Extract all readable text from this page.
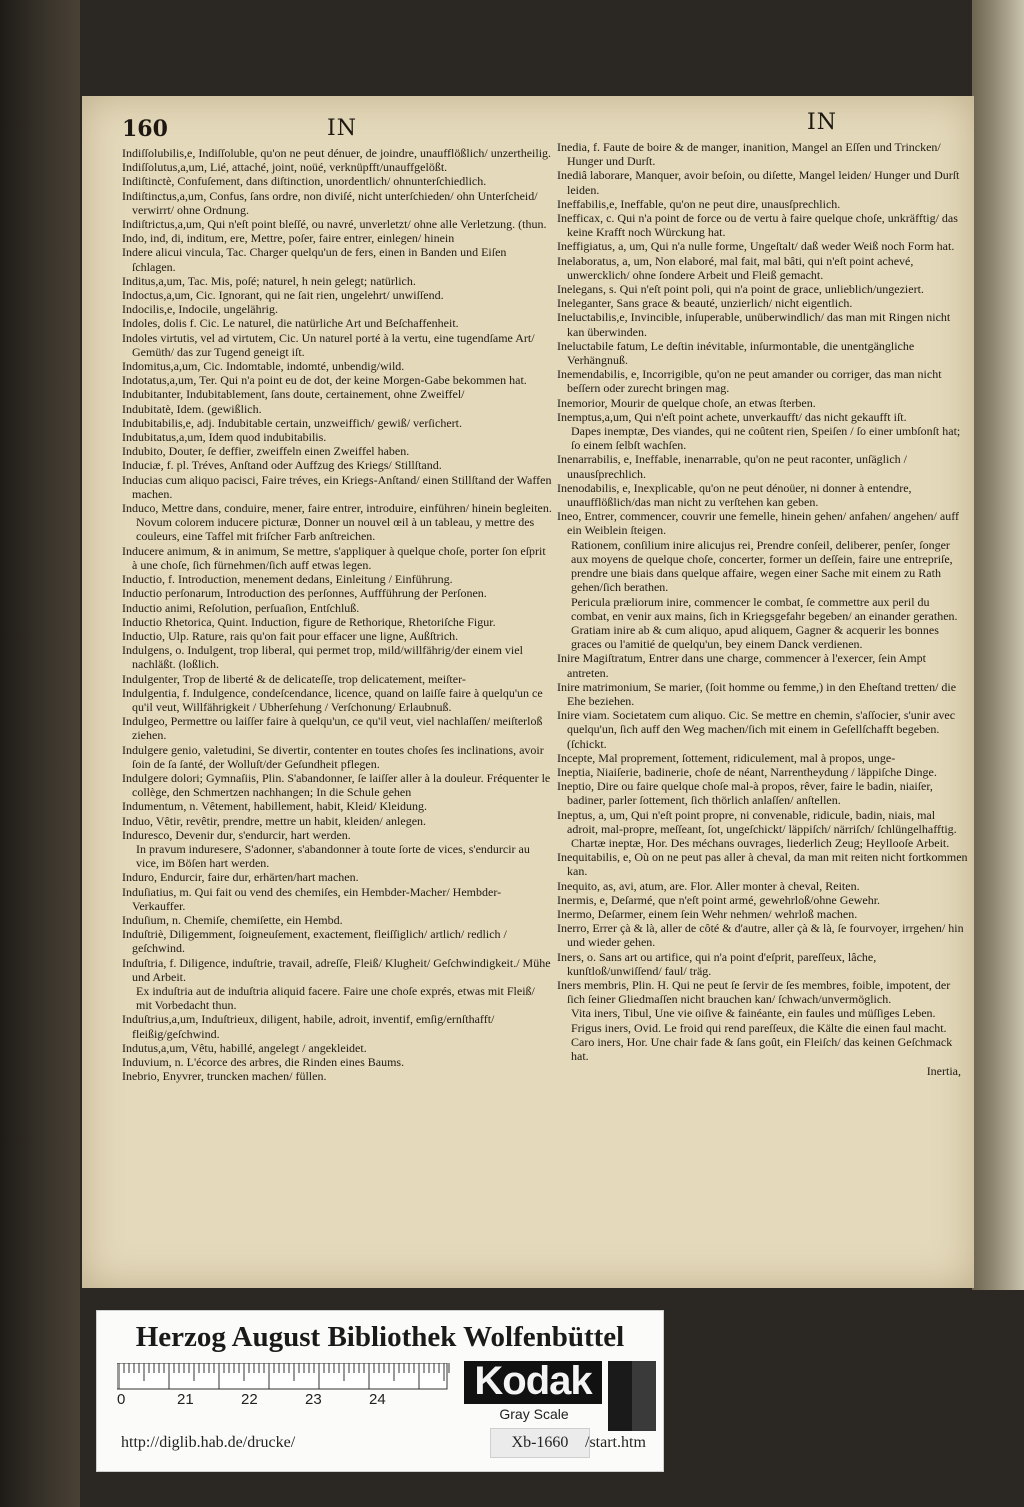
160	IN

Indiſſolubilis,e, Indiſſoluble, qu'on ne peut dénuer, de joindre, unaufflößlich/ unzertheilig.

Indiſſolutus,a,um, Lié, attaché, joint, noüé, verknüpfft/unauffgelößt.

Indiſtinctè, Confuſement, dans diſtinction, unordentlich/ ohnunterſchiedlich.

Indiſtinctus,a,um, Confus, ſans ordre, non diviſé, nicht unterſchieden/ ohn Unterſcheid/ verwirrt/ ohne Ordnung.

Indiſtrictus,a,um, Qui n'eſt point bleſſé, ou navré, unverletzt/ ohne alle Verletzung. (thun.

Indo, ind, di, inditum, ere, Mettre, poſer, faire entrer, einlegen/ hinein

Indere alicui vincula, Tac. Charger quelqu'un de fers, einen in Banden und Eiſen ſchlagen.

Inditus,a,um, Tac. Mis, poſé; naturel, h nein gelegt; natürlich.

Indoctus,a,um, Cic. Ignorant, qui ne ſait rien, ungelehrt/ unwiſſend.

Indocilis,e, Indocile, ungelährig.

Indoles, dolis f. Cic. Le naturel, die natürliche Art und Beſchaffenheit.

Indoles virtutis, vel ad virtutem, Cic. Un naturel porté à la vertu, eine tugendſame Art/ Gemüth/ das zur Tugend geneigt iſt.

Indomitus,a,um, Cic. Indomtable, indomté, unbendig/wild.

Indotatus,a,um, Ter. Qui n'a point eu de dot, der keine Morgen-Gabe bekommen hat.

Indubitanter, Indubitablement, ſans doute, certainement, ohne Zweiffel/

Indubitatè, Idem. (gewißlich.

Indubitabilis,e, adj. Indubitable certain, unzweiffich/ gewiß/ verſichert.

Indubitatus,a,um, Idem quod indubitabilis.

Indubito, Douter, ſe deffier, zweiffeln einen Zweiffel haben.

Induciæ, f. pl. Tréves, Anſtand oder Auffzug des Kriegs/ Stillſtand.

Inducias cum aliquo pacisci, Faire tréves, ein Kriegs-Anſtand/ einen Stillſtand der Waffen machen.

Induco, Mettre dans, conduire, mener, faire entrer, introduire, einführen/ hinein begleiten.

Novum colorem inducere picturæ, Donner un nouvel œil à un tableau, y mettre des couleurs, eine Taffel mit friſcher Farb anſtreichen.

Inducere animum, & in animum, Se mettre, s'appliquer à quelque choſe, porter ſon eſprit à une choſe, ſich fürnehmen/ſich auff etwas legen.

Inductio, f. Introduction, menement dedans, Einleitung / Einführung.

Inductio perſonarum, Introduction des perſonnes, Auffführung der Perſonen.

Inductio animi, Reſolution, perſuaſion, Entſchluß.

Inductio Rhetorica, Quint. Induction, figure de Rethorique, Rhetoriſche Figur.

Inductio, Ulp. Rature, rais qu'on fait pour effacer une ligne, Außſtrich.

Indulgens, o. Indulgent, trop liberal, qui permet trop, mild/willfährig/der einem viel nachläßt. (loßlich.

Indulgenter, Trop de liberté & de delicateſſe, trop delicatement, meiſter-

Indulgentia, f. Indulgence, condeſcendance, licence, quand on laiſſe faire à quelqu'un ce qu'il veut, Willfährigkeit / Ubherſehung / Verſchonung/ Erlaubnuß.

Indulgeo, Permettre ou laiſſer faire à quelqu'un, ce qu'il veut, viel nachlaſſen/ meiſterloß ziehen.

Indulgere genio, valetudini, Se divertir, contenter en toutes choſes ſes inclinations, avoir ſoin de ſa ſanté, der Wolluſt/der Geſundheit pflegen.

Indulgere dolori; Gymnaſiis, Plin. S'abandonner, ſe laiſſer aller à la douleur. Fréquenter le collège, den Schmertzen nachhangen; In die Schule gehen

Indumentum, n. Vêtement, habillement, habit, Kleid/ Kleidung.

Induo, Vêtir, revêtir, prendre, mettre un habit, kleiden/ anlegen.

Induresco, Devenir dur, s'endurcir, hart werden.

In pravum induresere, S'adonner, s'abandonner à toute ſorte de vices, s'endurcir au vice, im Böſen hart werden.

Induro, Endurcir, faire dur, erhärten/hart machen.

Induſiatius, m. Qui fait ou vend des chemiſes, ein Hembder-Macher/ Hembder-Verkauffer.

Induſium, n. Chemiſe, chemiſette, ein Hembd.

Induſtriè, Diligemment, ſoigneuſement, exactement, fleiſſiglich/ artlich/ redlich / geſchwind.

Induſtria, f. Diligence, induſtrie, travail, adreſſe, Fleiß/ Klugheit/ Geſchwindigkeit./ Mühe und Arbeit.

Ex induſtria aut de induſtria aliquid facere. Faire une choſe exprés, etwas mit Fleiß/ mit Vorbedacht thun.

Induſtrius,a,um, Induſtrieux, diligent, habile, adroit, inventif, emſig/ernſthafft/ fleißig/geſchwind.

Indutus,a,um, Vêtu, habillé, angelegt / angekleidet.

Induvium, n. L'écorce des arbres, die Rinden eines Baums.

Inebrio, Enyvrer, truncken machen/ füllen.

IN

Inedia, f. Faute de boire & de manger, inanition, Mangel an Eſſen und Trincken/ Hunger und Durſt.

Inediâ laborare, Manquer, avoir beſoin, ou diſette, Mangel leiden/ Hunger und Durſt leiden.

Ineffabilis,e, Ineffable, qu'on ne peut dire, unausſprechlich.

Inefficax, c. Qui n'a point de force ou de vertu à faire quelque choſe, unkräfftig/ das keine Krafft noch Würckung hat.

Ineffigiatus, a, um, Qui n'a nulle forme, Ungeſtalt/ daß weder Weiß noch Form hat.

Inelaboratus, a, um, Non elaboré, mal fait, mal bâti, qui n'eſt point achevé, unwercklich/ ohne ſondere Arbeit und Fleiß gemacht.

Inelegans, s. Qui n'eſt point poli, qui n'a point de grace, unlieblich/ungeziert.

Ineleganter, Sans grace & beauté, unzierlich/ nicht eigentlich.

Ineluctabilis,e, Invincible, inſuperable, unüberwindlich/ das man mit Ringen nicht kan überwinden.

Ineluctabile fatum, Le deſtin inévitable, inſurmontable, die unentgängliche Verhängnuß.

Inemendabilis, e, Incorrigible, qu'on ne peut amander ou corriger, das man nicht beſſern oder zurecht bringen mag.

Inemorior, Mourir de quelque choſe, an etwas ſterben.

Inemptus,a,um, Qui n'eſt point achete, unverkaufft/ das nicht gekaufft iſt.

Dapes inemptæ, Des viandes, qui ne coûtent rien, Speiſen / ſo einer umbſonſt hat; ſo einem ſelbſt wachſen.

Inenarrabilis, e, Ineffable, inenarrable, qu'on ne peut raconter, unſäglich / unausſprechlich.

Inenodabilis, e, Inexplicable, qu'on ne peut dénoüer, ni donner à entendre, unaufflößlich/das man nicht zu verſtehen kan geben.

Ineo, Entrer, commencer, couvrir une femelle, hinein gehen/ anfahen/ angehen/ auff ein Weiblein ſteigen.

Rationem, conſilium inire alicujus rei, Prendre conſeil, deliberer, penſer, ſonger aux moyens de quelque choſe, concerter, former un deſſein, faire une entrepriſe, prendre une biais dans quelque affaire, wegen einer Sache mit einem zu Rath gehen/ſich berathen.

Pericula præliorum inire, commencer le combat, ſe commettre aux peril du combat, en venir aux mains, ſich in Kriegsgefahr begeben/ an einander gerathen.

Gratiam inire ab & cum aliquo, apud aliquem, Gagner & acquerir les bonnes graces ou l'amitié de quelqu'un, bey einem Danck verdienen.

Inire Magiſtratum, Entrer dans une charge, commencer à l'exercer, ſein Ampt antreten.

Inire matrimonium, Se marier, (ſoit homme ou femme,) in den Eheſtand tretten/ die Ehe beziehen.

Inire viam. Societatem cum aliquo. Cic. Se mettre en chemin, s'aſſocier, s'unir avec quelqu'un, ſich auff den Weg machen/ſich mit einem in Geſellſchafft begeben. (ſchickt.

Incepte, Mal proprement, ſottement, ridiculement, mal à propos, unge-

Ineptia, Niaiſerie, badinerie, choſe de néant, Narrentheydung / läppiſche Dinge.

Ineptio, Dire ou faire quelque choſe mal-à propos, rêver, faire le badin, niaiſer, badiner, parler ſottement, ſich thörlich anlaſſen/ anſtellen.

Ineptus, a, um, Qui n'eſt point propre, ni convenable, ridicule, badin, niais, mal adroit, mal-propre, meſſeant, ſot, ungeſchickt/ läppiſch/ närriſch/ ſchlüngelhafftig.

Chartæ ineptæ, Hor. Des méchans ouvrages, liederlich Zeug; Heyllooſe Arbeit.

Inequitabilis, e, Où on ne peut pas aller à cheval, da man mit reiten nicht fortkommen kan.

Inequito, as, avi, atum, are. Flor. Aller monter à cheval, Reiten.

Inermis, e, Deſarmé, que n'eſt point armé, gewehrloß/ohne Gewehr.

Inermo, Deſarmer, einem ſein Wehr nehmen/ wehrloß machen.

Inerro, Errer çà & là, aller de côté & d'autre, aller çà & là, ſe fourvoyer, irrgehen/ hin und wieder gehen.

Iners, o. Sans art ou artifice, qui n'a point d'eſprit, pareſſeux, lâche, kunſtloß/unwiſſend/ faul/ träg.

Iners membris, Plin. H. Qui ne peut ſe ſervir de ſes membres, foible, impotent, der ſich ſeiner Gliedmaſſen nicht brauchen kan/ ſchwach/unvermöglich.

Vita iners, Tibul, Une vie oiſive & fainéante, ein faules und müſſiges Leben.

Frigus iners, Ovid. Le froid qui rend pareſſeux, die Kälte die einen faul macht.

Caro iners, Hor. Une chair fade & ſans goût, ein Fleiſch/ das keinen Geſchmack hat.

Inertia,
Herzog August Bibliothek Wolfenbüttel
0	21	22	23	24 Kodak
Gray Scale
http://diglib.hab.de/drucke/	Xb-1660	/start.htm
